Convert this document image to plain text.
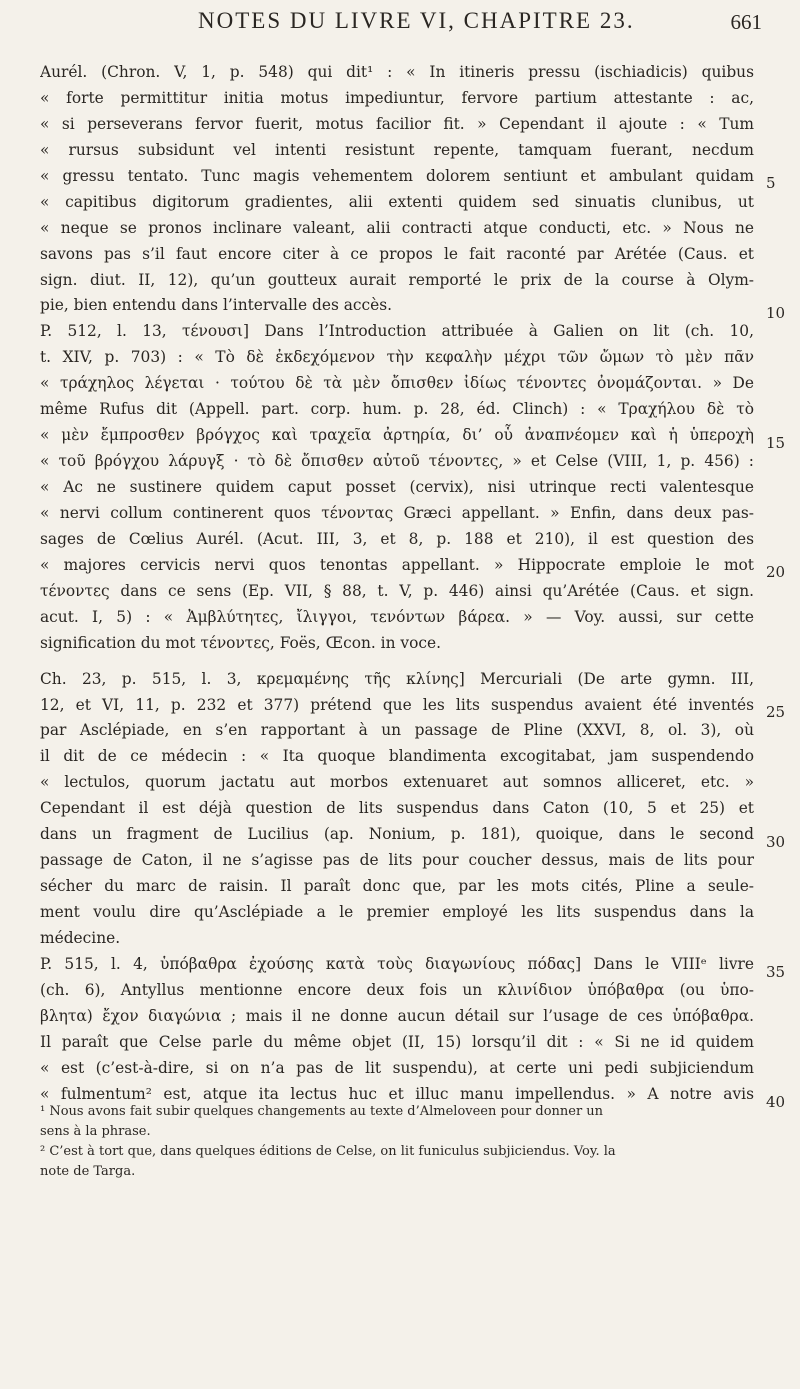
NOTES DU LIVRE VI, CHAPITRE 23.	661
Aurél. (Chron. V, 1, p. 548) qui dit¹ : « In itineris pressu (ischiadicis) quibus
« forte permittitur initia motus impediuntur, fervore partium attestante : ac,
« si perseverans fervor fuerit, motus facilior fit. » Cependant il ajoute : « Tum
« rursus subsidunt vel intenti resistunt repente, tamquam fuerant, necdum
« gressu tentato. Tunc magis vehementem dolorem sentiunt et ambulant quidam
« capitibus digitorum gradientes, alii extenti quidem sed sinuatis clunibus, ut
« neque se pronos inclinare valeant, alii contracti atque conducti, etc. » Nous ne
savons pas s’il faut encore citer à ce propos le fait raconté par Arétée (Caus. et
sign. diut. II, 12), qu’un goutteux aurait remporté le prix de la course à Olym-
pie, bien entendu dans l’intervalle des accès.
P. 512, l. 13, τένουσι] Dans l’Introduction attribuée à Galien on lit (ch. 10,
t. XIV, p. 703) : « Τὸ δὲ ἐκδεχόμενον τὴν κεφαλὴν μέχρι τῶν ὤμων τὸ μὲν πᾶν
« τράχηλος λέγεται · τούτου δὲ τὰ μὲν ὄπισθεν ἰδίως τένοντες ὀνομάζονται. » De
même Rufus dit (Appell. part. corp. hum. p. 28, éd. Clinch) : « Τραχήλου δὲ τὸ
« μὲν ἔμπροσθεν βρόγχος καὶ τραχεῖα ἀρτηρία, δι’ οὗ ἀναπνέομεν καὶ ἡ ὑπεροχὴ
« τοῦ βρόγχου λάρυγξ · τὸ δὲ ὄπισθεν αὐτοῦ τένοντες, » et Celse (VIII, 1, p. 456) :
« Ac ne sustinere quidem caput posset (cervix), nisi utrinque recti valentesque
« nervi collum continerent quos τένοντας Græci appellant. » Enfin, dans deux pas-
sages de Cœlius Aurél. (Acut. III, 3, et 8, p. 188 et 210), il est question des
« majores cervicis nervi quos tenontas appellant. » Hippocrate emploie le mot
τένοντες dans ce sens (Ep. VII, § 88, t. V, p. 446) ainsi qu’Arétée (Caus. et sign.
acut. I, 5) : « Ἀμβλύτητες, ἴλιγγοι, τενόντων βάρεα. » — Voy. aussi, sur cette
signification du mot τένοντες, Foës, Œcon. in voce.
Ch. 23, p. 515, l. 3, κρεμαμένης τῆς κλίνης] Mercuriali (De arte gymn. III,
12, et VI, 11, p. 232 et 377) prétend que les lits suspendus avaient été inventés
par Asclépiade, en s’en rapportant à un passage de Pline (XXVI, 8, ol. 3), où
il dit de ce médecin : « Ita quoque blandimenta excogitabat, jam suspendendo
« lectulos, quorum jactatu aut morbos extenuaret aut somnos alliceret, etc. »
Cependant il est déjà question de lits suspendus dans Caton (10, 5 et 25) et
dans un fragment de Lucilius (ap. Nonium, p. 181), quoique, dans le second
passage de Caton, il ne s’agisse pas de lits pour coucher dessus, mais de lits pour
sécher du marc de raisin. Il paraît donc que, par les mots cités, Pline a seule-
ment voulu dire qu’Asclépiade a le premier employé les lits suspendus dans la
médecine.
P. 515, l. 4, ὑπόβαθρα ἐχούσης κατὰ τοὺς διαγωνίους πόδας] Dans le VIIIᵉ livre
(ch. 6), Antyllus mentionne encore deux fois un κλινίδιον ὑπόβαθρα (ou ὑπο-
βλητα) ἔχον διαγώνια ; mais il ne donne aucun détail sur l’usage de ces ὑπόβαθρα.
Il paraît que Celse parle du même objet (II, 15) lorsqu’il dit : « Si ne id quidem
« est (c’est-à-dire, si on n’a pas de lit suspendu), at certe uni pedi subjiciendum
« fulmentum² est, atque ita lectus huc et illuc manu impellendus. » A notre avis
5
10
15
20
25
30
35
40
¹ Nous avons fait subir quelques changements au texte d’Almeloveen pour donner un
sens à la phrase.
² C’est à tort que, dans quelques éditions de Celse, on lit funiculus subjiciendus. Voy. la
note de Targa.
